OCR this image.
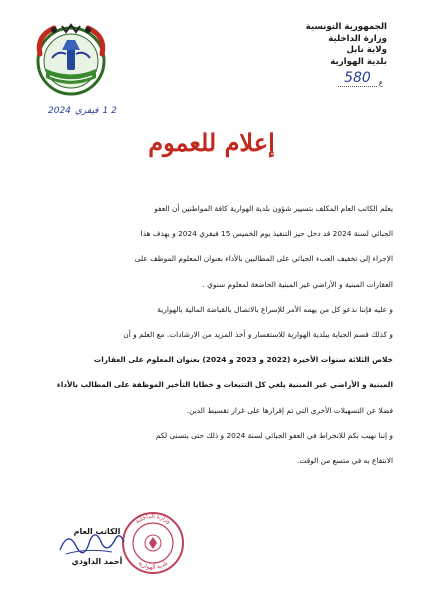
الجمهورية التونسية
وزارة الداخلية
ولاية نابل
بلدية الهوارية
ع
580
2 1
فيفري
2024
إعلام للعموم

يعلم الكاتب العام المكلف بتسيير شؤون بلدية الهوارية كافة المواطنين أن العفو

الجبائي لسنة 2024 قد دخل حيز التنفيذ يوم الخميس 15 فيفري 2024 و يهدف هذا

الإجراء إلى تخفيف العبء الجبائي على المطالبين بالأداء بعنوان المعلوم الموظف على

العقارات المبنية و الأراضي غير المبنية الخاضعة لمعلوم سنوي .

و عليه فإننا ندعو كل من يهمه الأمر للإسراع بالاتصال بالقباضة المالية بالهوارية

و كذلك قسم الجباية ببلدية الهوارية للاستفسار و أخذ المزيد من الارشادات. مع العلم و أن

خلاص الثلاثة سنوات الأخيرة (2022 و 2023 و 2024) بعنوان المعلوم على العقارات

المبنية و الأراضي غير المبنية يلغي كل التتبعات و خطايا التأخير الموظفة على المطالب بالأداء

فضلا عن التسهيلات الأخرى التي تم إقرارها على غرار تقسيط الدين.

و إننا نهيب بكم للانخراط في العفو الجبائي لسنة 2024 و ذلك حتى يتسنى لكم

الانتفاع به في متسع من الوقت.

وزارة الداخلية
بلدية الهوارية
الكاتب العام
أحمد الداودي
